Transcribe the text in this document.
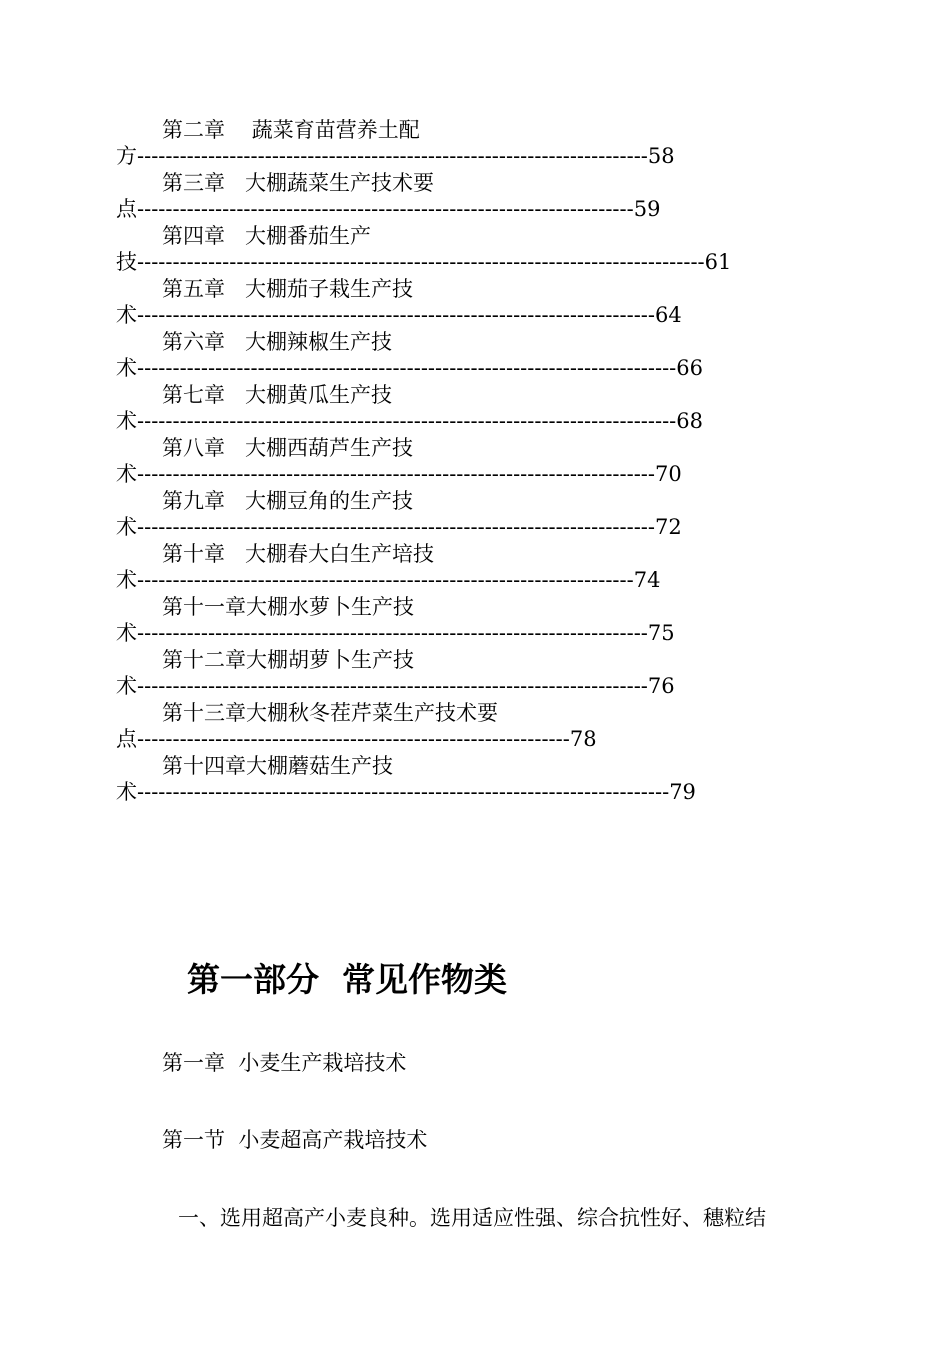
第二章    蔬菜育苗营养土配
方------------------------------------------------------------------------58
第三章   大棚蔬菜生产技术要
点----------------------------------------------------------------------59
第四章   大棚番茄生产
技--------------------------------------------------------------------------------61
第五章   大棚茄子栽生产技
术-------------------------------------------------------------------------64
第六章   大棚辣椒生产技
术----------------------------------------------------------------------------66
第七章   大棚黄瓜生产技
术----------------------------------------------------------------------------68
第八章   大棚西葫芦生产技
术-------------------------------------------------------------------------70
第九章   大棚豆角的生产技
术-------------------------------------------------------------------------72
第十章   大棚春大白生产培技
术----------------------------------------------------------------------74
第十一章大棚水萝卜生产技
术------------------------------------------------------------------------75
第十二章大棚胡萝卜生产技
术------------------------------------------------------------------------76
第十三章大棚秋冬茬芹菜生产技术要
点-------------------------------------------------------------78
第十四章大棚蘑菇生产技
术---------------------------------------------------------------------------79
第一部分  常见作物类
第一章  小麦生产栽培技术
第一节  小麦超高产栽培技术
一、选用超高产小麦良种。选用适应性强、综合抗性好、穗粒结
